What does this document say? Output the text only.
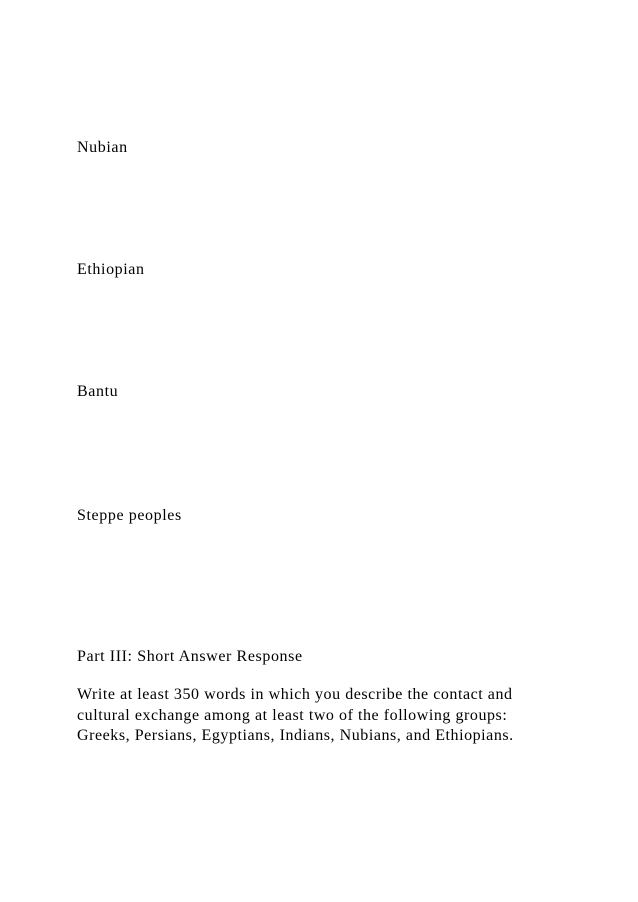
Nubian

Ethiopian

Bantu

Steppe peoples

Part III: Short Answer Response

Write at least 350 words in which you describe the contact and
cultural exchange among at least two of the following groups:
Greeks, Persians, Egyptians, Indians, Nubians, and Ethiopians.
